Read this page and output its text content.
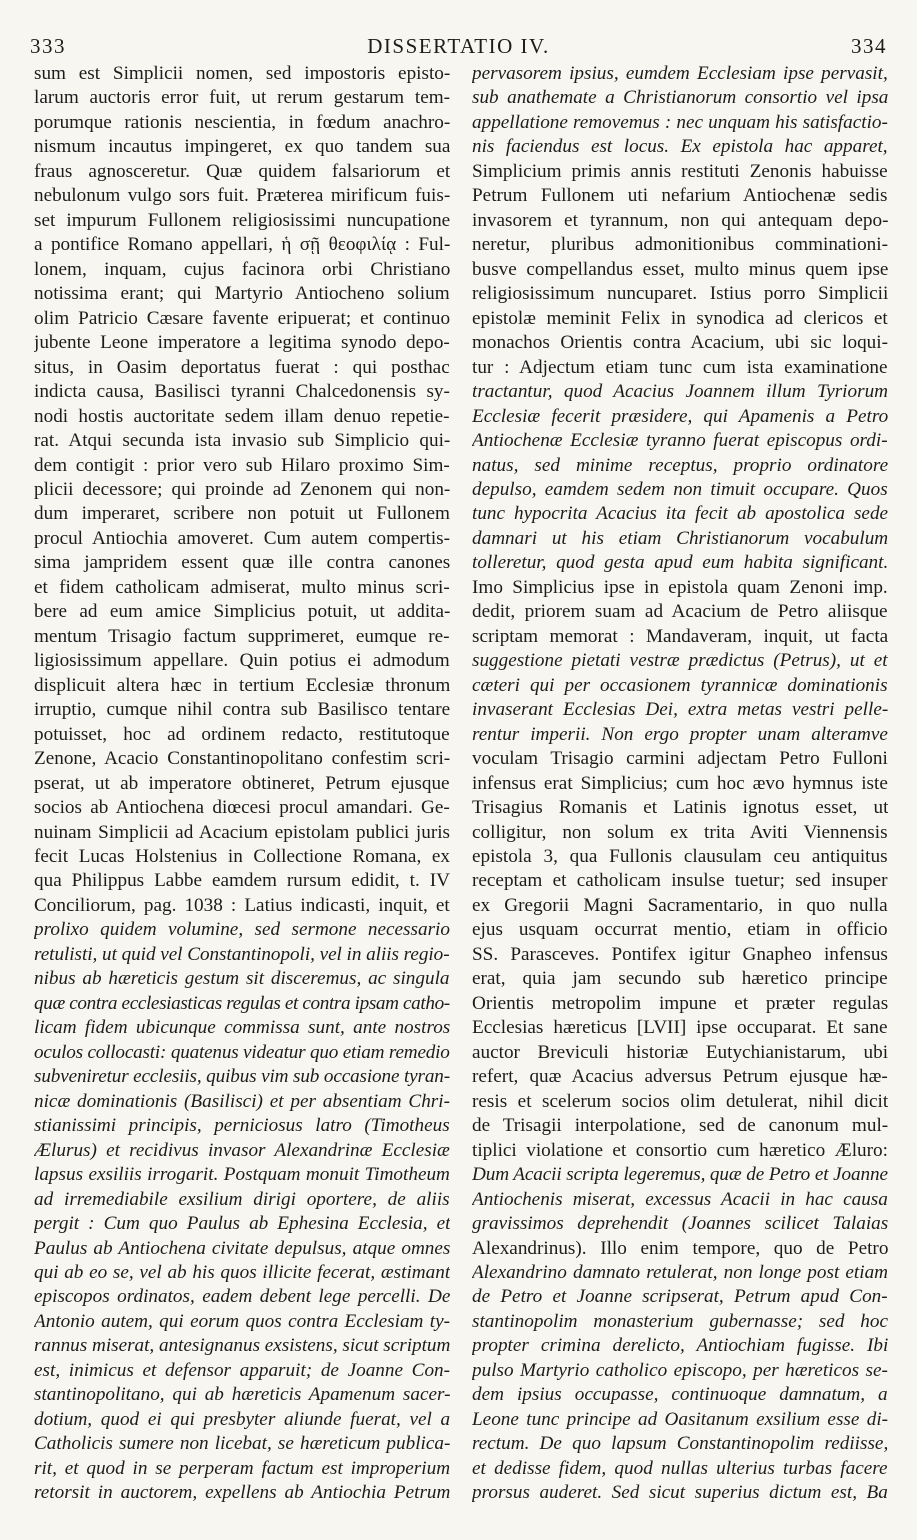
333	DISSERTATIO IV.	334
sum est Simplicii nomen, sed impostoris episto-
larum auctoris error fuit, ut rerum gestarum tem-
porumque rationis nescientia, in fœdum anachro-
nismum incautus impingeret, ex quo tandem sua
fraus agnosceretur. Quæ quidem falsariorum et
nebulonum vulgo sors fuit. Præterea mirificum fuis-
set impurum Fullonem religiosissimi nuncupatione
a pontifice Romano appellari, ἡ σῇ θεοφιλίᾳ : Ful-
lonem, inquam, cujus facinora orbi Christiano
notissima erant; qui Martyrio Antiocheno solium
olim Patricio Cæsare favente eripuerat; et continuo
jubente Leone imperatore a legitima synodo depo-
situs, in Oasim deportatus fuerat : qui posthac
indicta causa, Basilisci tyranni Chalcedonensis sy-
nodi hostis auctoritate sedem illam denuo repetie-
rat. Atqui secunda ista invasio sub Simplicio qui-
dem contigit : prior vero sub Hilaro proximo Sim-
plicii decessore; qui proinde ad Zenonem qui non-
dum imperaret, scribere non potuit ut Fullonem
procul Antiochia amoveret. Cum autem compertis-
sima jampridem essent quæ ille contra canones
et fidem catholicam admiserat, multo minus scri-
bere ad eum amice Simplicius potuit, ut addita-
mentum Trisagio factum supprimeret, eumque re-
ligiosissimum appellare. Quin potius ei admodum
displicuit altera hæc in tertium Ecclesiæ thronum
irruptio, cumque nihil contra sub Basilisco tentare
potuisset, hoc ad ordinem redacto, restitutoque
Zenone, Acacio Constantinopolitano confestim scri-
pserat, ut ab imperatore obtineret, Petrum ejusque
socios ab Antiochena diœcesi procul amandari. Ge-
nuinam Simplicii ad Acacium epistolam publici juris
fecit Lucas Holstenius in Collectione Romana, ex
qua Philippus Labbe eamdem rursum edidit, t. IV
Conciliorum, pag. 1038 : Latius indicasti, inquit, et
prolixo quidem volumine, sed sermone necessario
retulisti, ut quid vel Constantinopoli, vel in aliis regio-
nibus ab hæreticis gestum sit disceremus, ac singula
quæ contra ecclesiasticas regulas et contra ipsam catho-
licam fidem ubicunque commissa sunt, ante nostros
oculos collocasti: quatenus videatur quo etiam remedio
subveniretur ecclesiis, quibus vim sub occasione tyran-
nicæ dominationis (Basilisci) et per absentiam Chri-
stianissimi principis, perniciosus latro (Timotheus
Ælurus) et recidivus invasor Alexandrinæ Ecclesiæ
lapsus exsiliis irrogarit. Postquam monuit Timotheum
ad irremediabile exsilium dirigi oportere, de aliis
pergit : Cum quo Paulus ab Ephesina Ecclesia, et
Paulus ab Antiochena civitate depulsus, atque omnes
qui ab eo se, vel ab his quos illicite fecerat, æstimant
episcopos ordinatos, eadem debent lege percelli. De
Antonio autem, qui eorum quos contra Ecclesiam ty-
rannus miserat, antesignanus exsistens, sicut scriptum
est, inimicus et defensor apparuit; de Joanne Con-
stantinopolitano, qui ab hæreticis Apamenum sacer-
dotium, quod ei qui presbyter aliunde fuerat, vel a
Catholicis sumere non licebat, se hæreticum publica-
rit, et quod in se perperam factum est improperium
retorsit in auctorem, expellens ab Antiochia Petrum
pervasorem ipsius, eumdem Ecclesiam ipse pervasit,
sub anathemate a Christianorum consortio vel ipsa
appellatione removemus : nec unquam his satisfactio-
nis faciendus est locus. Ex epistola hac apparet,
Simplicium primis annis restituti Zenonis habuisse
Petrum Fullonem uti nefarium Antiochenæ sedis
invasorem et tyrannum, non qui antequam depo-
neretur, pluribus admonitionibus comminationi-
busve compellandus esset, multo minus quem ipse
religiosissimum nuncuparet. Istius porro Simplicii
epistolæ meminit Felix in synodica ad clericos et
monachos Orientis contra Acacium, ubi sic loqui-
tur : Adjectum etiam tunc cum ista examinatione
tractantur, quod Acacius Joannem illum Tyriorum
Ecclesiæ fecerit præsidere, qui Apamenis a Petro
Antiochenæ Ecclesiæ tyranno fuerat episcopus ordi-
natus, sed minime receptus, proprio ordinatore
depulso, eamdem sedem non timuit occupare. Quos
tunc hypocrita Acacius ita fecit ab apostolica sede
damnari ut his etiam Christianorum vocabulum
tolleretur, quod gesta apud eum habita significant.
Imo Simplicius ipse in epistola quam Zenoni imp.
dedit, priorem suam ad Acacium de Petro aliisque
scriptam memorat : Mandaveram, inquit, ut facta
suggestione pietati vestræ prædictus (Petrus), ut et
cæteri qui per occasionem tyrannicæ dominationis
invaserant Ecclesias Dei, extra metas vestri pelle-
rentur imperii. Non ergo propter unam alteramve
voculam Trisagio carmini adjectam Petro Fulloni
infensus erat Simplicius; cum hoc ævo hymnus iste
Trisagius Romanis et Latinis ignotus esset, ut
colligitur, non solum ex trita Aviti Viennensis
epistola 3, qua Fullonis clausulam ceu antiquitus
receptam et catholicam insulse tuetur; sed insuper
ex Gregorii Magni Sacramentario, in quo nulla
ejus usquam occurrat mentio, etiam in officio
SS. Parasceves. Pontifex igitur Gnapheo infensus
erat, quia jam secundo sub hæretico principe
Orientis metropolim impune et præter regulas
Ecclesias hæreticus [LVII] ipse occuparat. Et sane
auctor Breviculi historiæ Eutychianistarum, ubi
refert, quæ Acacius adversus Petrum ejusque hæ-
resis et scelerum socios olim detulerat, nihil dicit
de Trisagii interpolatione, sed de canonum mul-
tiplici violatione et consortio cum hæretico Æluro:
Dum Acacii scripta legeremus, quæ de Petro et Joanne
Antiochenis miserat, excessus Acacii in hac causa
gravissimos deprehendit (Joannes scilicet Talaias
Alexandrinus). Illo enim tempore, quo de Petro
Alexandrino damnato retulerat, non longe post etiam
de Petro et Joanne scripserat, Petrum apud Con-
stantinopolim monasterium gubernasse; sed hoc
propter crimina derelicto, Antiochiam fugisse. Ibi
pulso Martyrio catholico episcopo, per hæreticos se-
dem ipsius occupasse, continuoque damnatum, a
Leone tunc principe ad Oasitanum exsilium esse di-
rectum. De quo lapsum Constantinopolim rediisse,
et dedisse fidem, quod nullas ulterius turbas facere
prorsus auderet. Sed sicut superius dictum est, Ba
